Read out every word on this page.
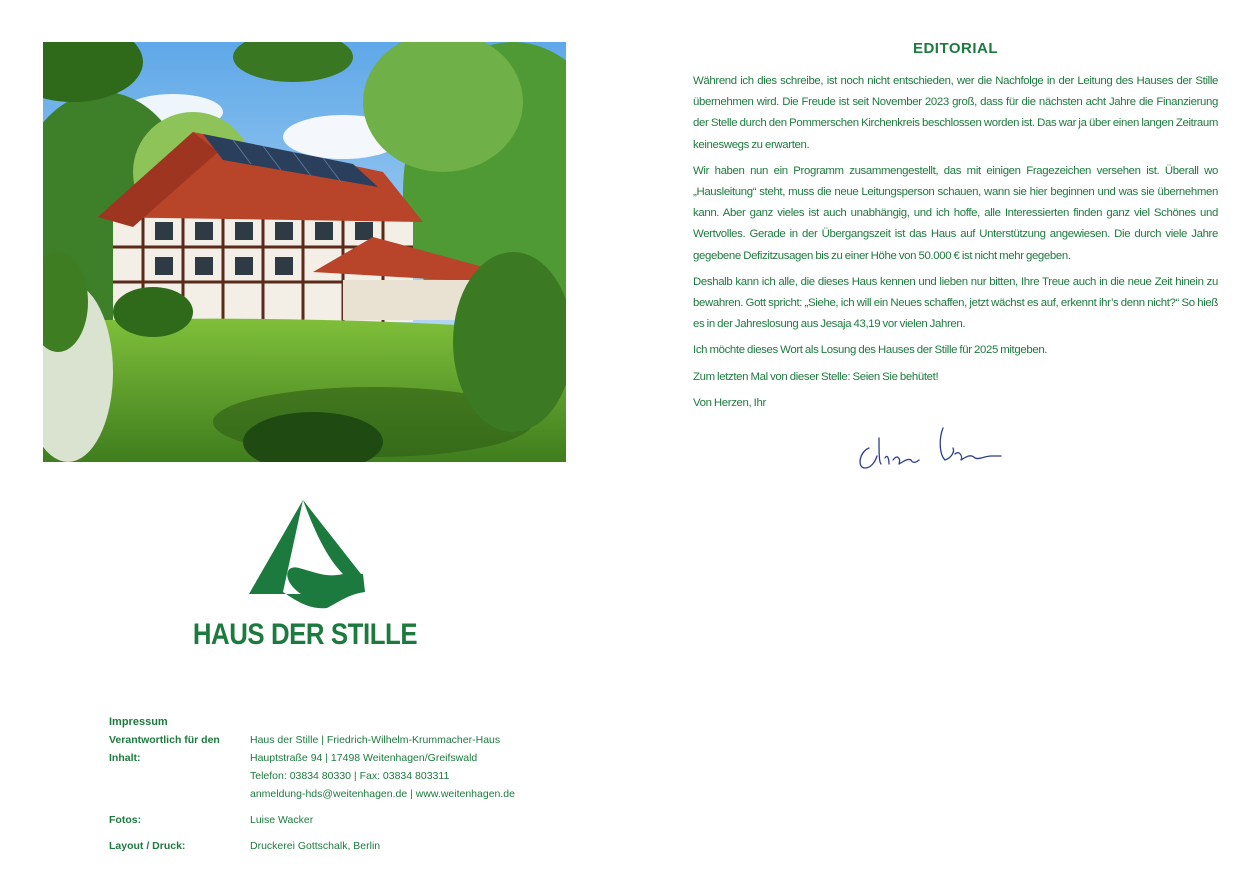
HAUS DER STILLE
Impressum
Verantwortlich für den Inhalt:
Haus der Stille | Friedrich-Wilhelm-Krummacher-Haus
Hauptstraße 94 | 17498 Weitenhagen/Greifswald
Telefon: 03834 80330 | Fax: 03834 803311
anmeldung-hds@weitenhagen.de | www.weitenhagen.de
Fotos:	Luise Wacker
Layout / Druck:	Druckerei Gottschalk, Berlin
EDITORIAL

Während ich dies schreibe, ist noch nicht entschieden, wer die Nachfolge in der Leitung des Hauses der Stille übernehmen wird. Die Freude ist seit November 2023 groß, dass für die nächsten acht Jahre die Finanzierung der Stelle durch den Pommerschen Kirchenkreis beschlossen worden ist. Das war ja über einen langen Zeitraum keineswegs zu erwarten.

Wir haben nun ein Programm zusammengestellt, das mit einigen Fragezeichen versehen ist. Überall wo „Hausleitung“ steht, muss die neue Leitungsperson schauen, wann sie hier beginnen und was sie übernehmen kann. Aber ganz vieles ist auch unabhängig, und ich hoffe, alle Interessierten finden ganz viel Schönes und Wertvolles. Gerade in der Übergangszeit ist das Haus auf Unterstützung angewiesen. Die durch viele Jahre gegebene Defizitzusagen bis zu einer Höhe von 50.000 € ist nicht mehr gegeben.

Deshalb kann ich alle, die dieses Haus kennen und lieben nur bitten, Ihre Treue auch in die neue Zeit hinein zu bewahren. Gott spricht: „Siehe, ich will ein Neues schaffen, jetzt wächst es auf, erkennt ihr’s denn nicht?“ So hieß es in der Jahreslosung aus Jesaja 43,19 vor vielen Jahren.

Ich möchte dieses Wort als Losung des Hauses der Stille für 2025 mitgeben.

Zum letzten Mal von dieser Stelle: Seien Sie behütet!

Von Herzen, Ihr
